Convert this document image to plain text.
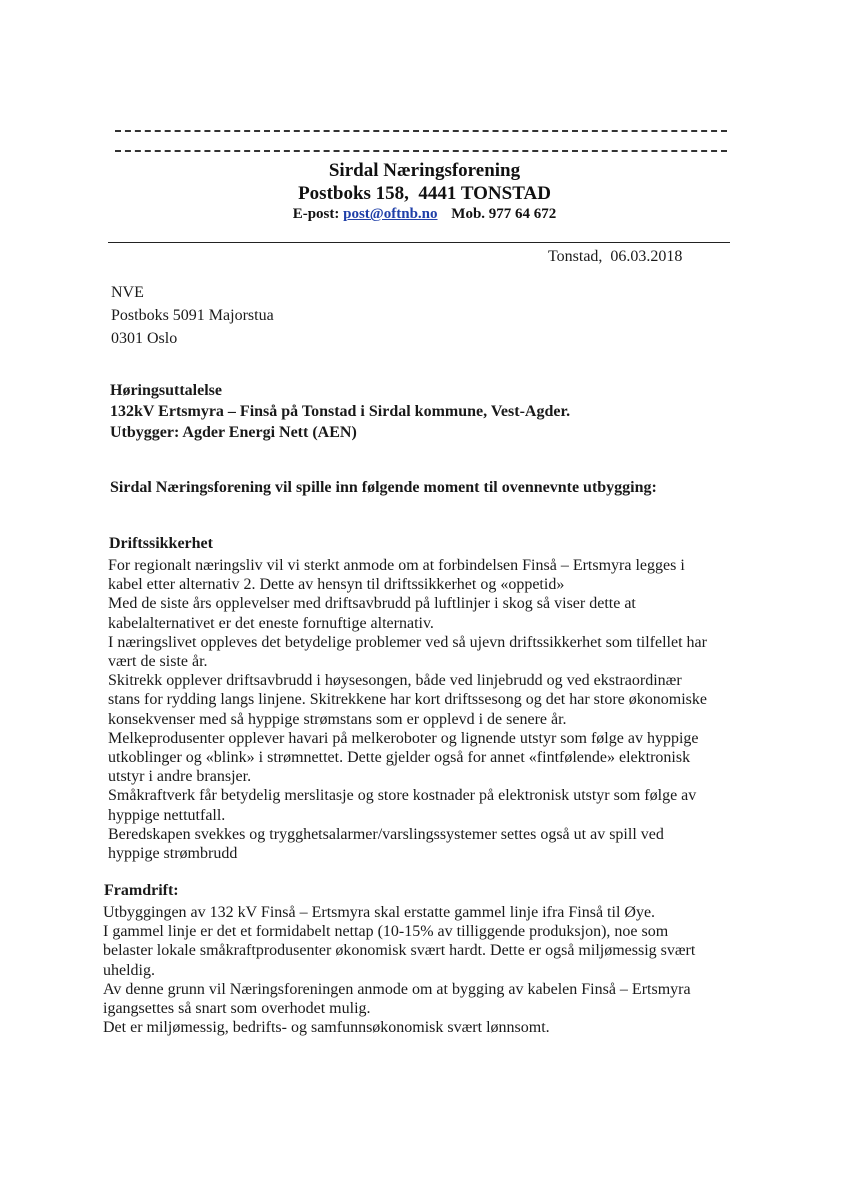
Sirdal Næringsforening
Postboks 158,  4441 TONSTAD
E-post: post@oftnb.no Mob. 977 64 672
Tonstad,  06.03.2018
NVE
Postboks 5091 Majorstua
0301 Oslo
Høringsuttalelse
132kV Ertsmyra – Finså på Tonstad i Sirdal kommune, Vest-Agder.
Utbygger: Agder Energi Nett (AEN)
Sirdal Næringsforening vil spille inn følgende moment til ovennevnte utbygging:
Driftssikkerhet
For regionalt næringsliv vil vi sterkt anmode om at forbindelsen Finså – Ertsmyra legges i
kabel etter alternativ 2. Dette av hensyn til driftssikkerhet og «oppetid»
Med de siste års opplevelser med driftsavbrudd på luftlinjer i skog så viser dette at
kabelalternativet er det eneste fornuftige alternativ.
I næringslivet oppleves det betydelige problemer ved så ujevn driftssikkerhet som tilfellet har
vært de siste år.
Skitrekk opplever driftsavbrudd i høysesongen, både ved linjebrudd og ved ekstraordinær
stans for rydding langs linjene. Skitrekkene har kort driftssesong og det har store økonomiske
konsekvenser med så hyppige strømstans som er opplevd i de senere år.
Melkeprodusenter opplever havari på melkeroboter og lignende utstyr som følge av hyppige
utkoblinger og «blink» i strømnettet. Dette gjelder også for annet «fintfølende» elektronisk
utstyr i andre bransjer.
Småkraftverk får betydelig merslitasje og store kostnader på elektronisk utstyr som følge av
hyppige nettutfall.
Beredskapen svekkes og trygghetsalarmer/varslingssystemer settes også ut av spill ved
hyppige strømbrudd
Framdrift:
Utbyggingen av 132 kV Finså – Ertsmyra skal erstatte gammel linje ifra Finså til Øye.
I gammel linje er det et formidabelt nettap (10-15% av tilliggende produksjon), noe som
belaster lokale småkraftprodusenter økonomisk svært hardt. Dette er også miljømessig svært
uheldig.
Av denne grunn vil Næringsforeningen anmode om at bygging av kabelen Finså – Ertsmyra
igangsettes så snart som overhodet mulig.
Det er miljømessig, bedrifts- og samfunnsøkonomisk svært lønnsomt.
